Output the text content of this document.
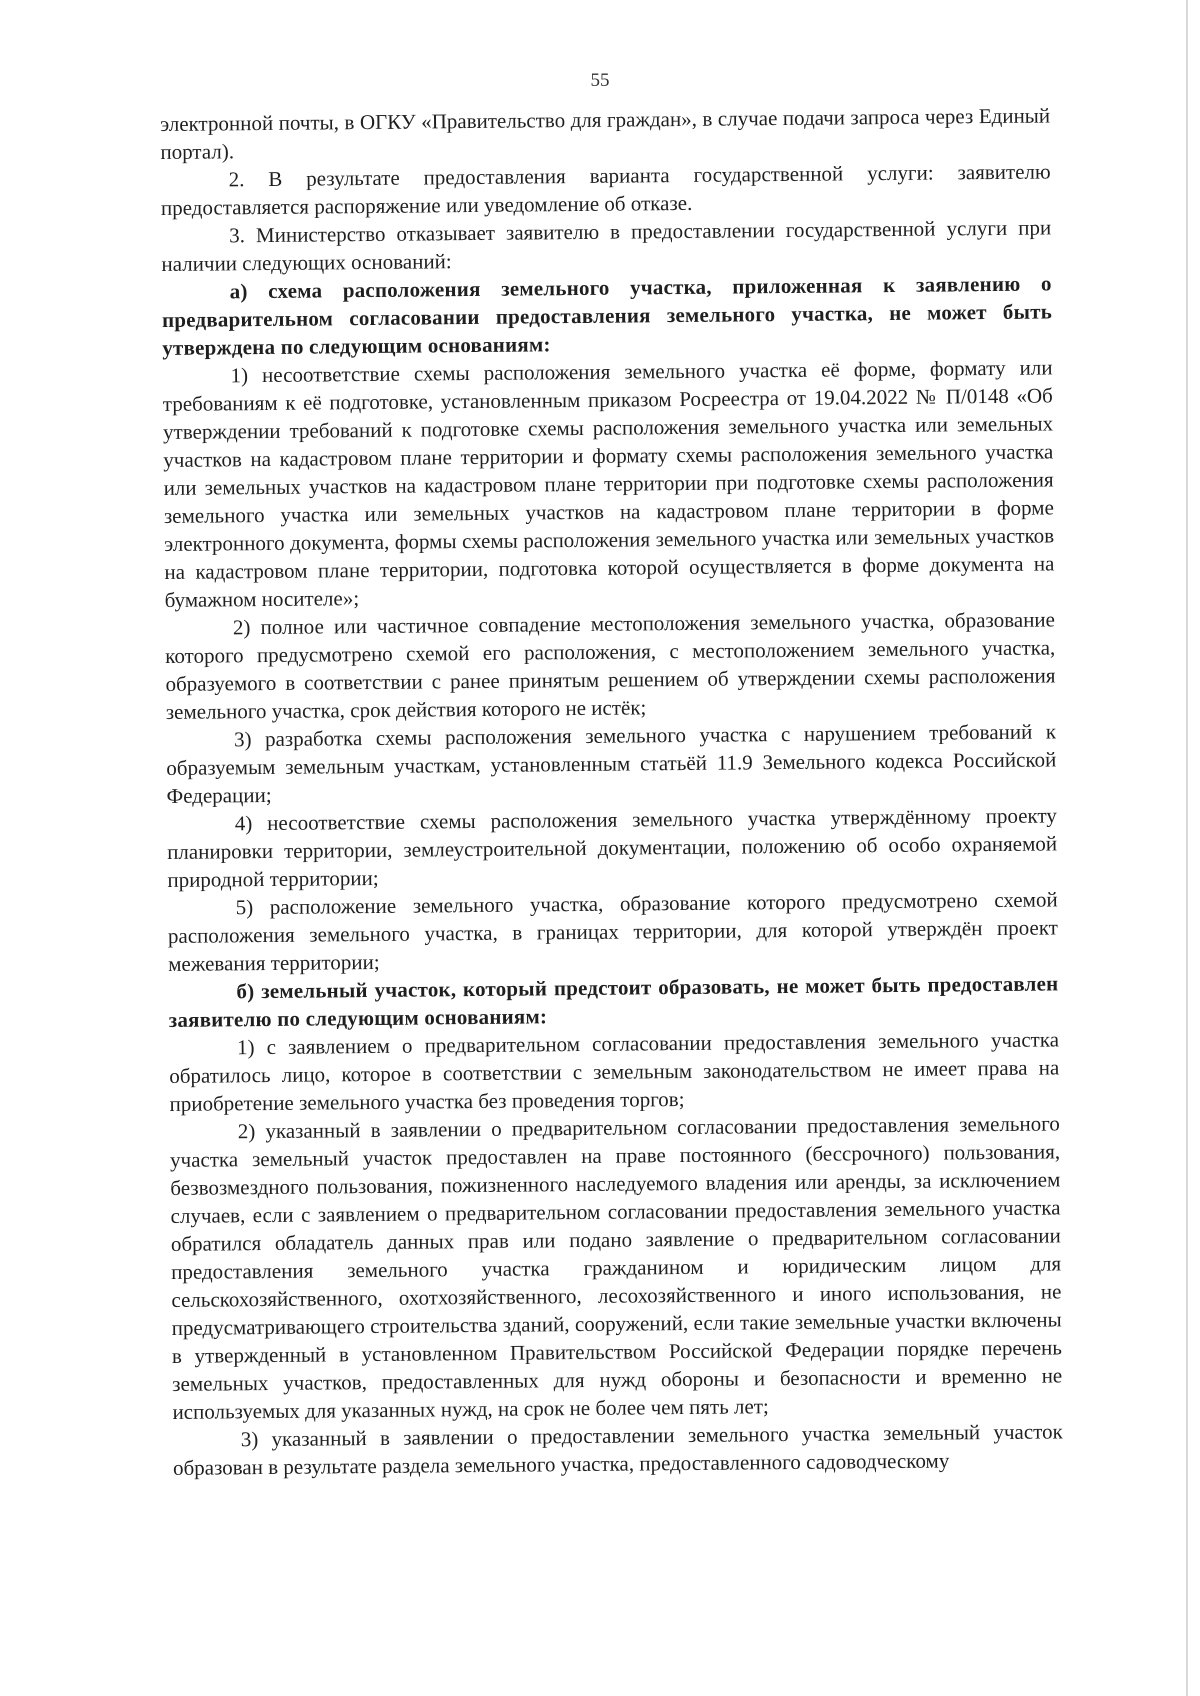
55

электронной почты, в ОГКУ «Правительство для граждан», в случае подачи запроса через Единый портал).

2. В результате предоставления варианта государственной услуги: заявителю предоставляется распоряжение или уведомление об отказе.

3. Министерство отказывает заявителю в предоставлении государственной услуги при наличии следующих оснований:

а) схема расположения земельного участка, приложенная к заявлению о предварительном согласовании предоставления земельного участка, не может быть утверждена по следующим основаниям:

1) несоответствие схемы расположения земельного участка её форме, формату или требованиям к её подготовке, установленным приказом Росреестра от 19.04.2022 № П/0148 «Об утверждении требований к подготовке схемы расположения земельного участка или земельных участков на кадастровом плане территории и формату схемы расположения земельного участка или земельных участков на кадастровом плане территории при подготовке схемы расположения земельного участка или земельных участков на кадастровом плане территории в форме электронного документа, формы схемы расположения земельного участка или земельных участков на кадастровом плане территории, подготовка которой осуществляется в форме документа на бумажном носителе»;

2) полное или частичное совпадение местоположения земельного участка, образование которого предусмотрено схемой его расположения, с местоположением земельного участка, образуемого в соответствии с ранее принятым решением об утверждении схемы расположения земельного участка, срок действия которого не истёк;

3) разработка схемы расположения земельного участка с нарушением требований к образуемым земельным участкам, установленным статьёй 11.9 Земельного кодекса Российской Федерации;

4) несоответствие схемы расположения земельного участка утверждённому проекту планировки территории, землеустроительной документации, положению об особо охраняемой природной территории;

5) расположение земельного участка, образование которого предусмотрено схемой расположения земельного участка, в границах территории, для которой утверждён проект межевания территории;

б) земельный участок, который предстоит образовать, не может быть предоставлен заявителю по следующим основаниям:

1) с заявлением о предварительном согласовании предоставления земельного участка обратилось лицо, которое в соответствии с земельным законодательством не имеет права на приобретение земельного участка без проведения торгов;

2) указанный в заявлении о предварительном согласовании предоставления земельного участка земельный участок предоставлен на праве постоянного (бессрочного) пользования, безвозмездного пользования, пожизненного наследуемого владения или аренды, за исключением случаев, если с заявлением о предварительном согласовании предоставления земельного участка обратился обладатель данных прав или подано заявление о предварительном согласовании предоставления земельного участка гражданином и юридическим лицом для сельскохозяйственного, охотхозяйственного, лесохозяйственного и иного использования, не предусматривающего строительства зданий, сооружений, если такие земельные участки включены в утвержденный в установленном Правительством Российской Федерации порядке перечень земельных участков, предоставленных для нужд обороны и безопасности и временно не используемых для указанных нужд, на срок не более чем пять лет;

3) указанный в заявлении о предоставлении земельного участка земельный участок образован в результате раздела земельного участка, предоставленного садоводческому
